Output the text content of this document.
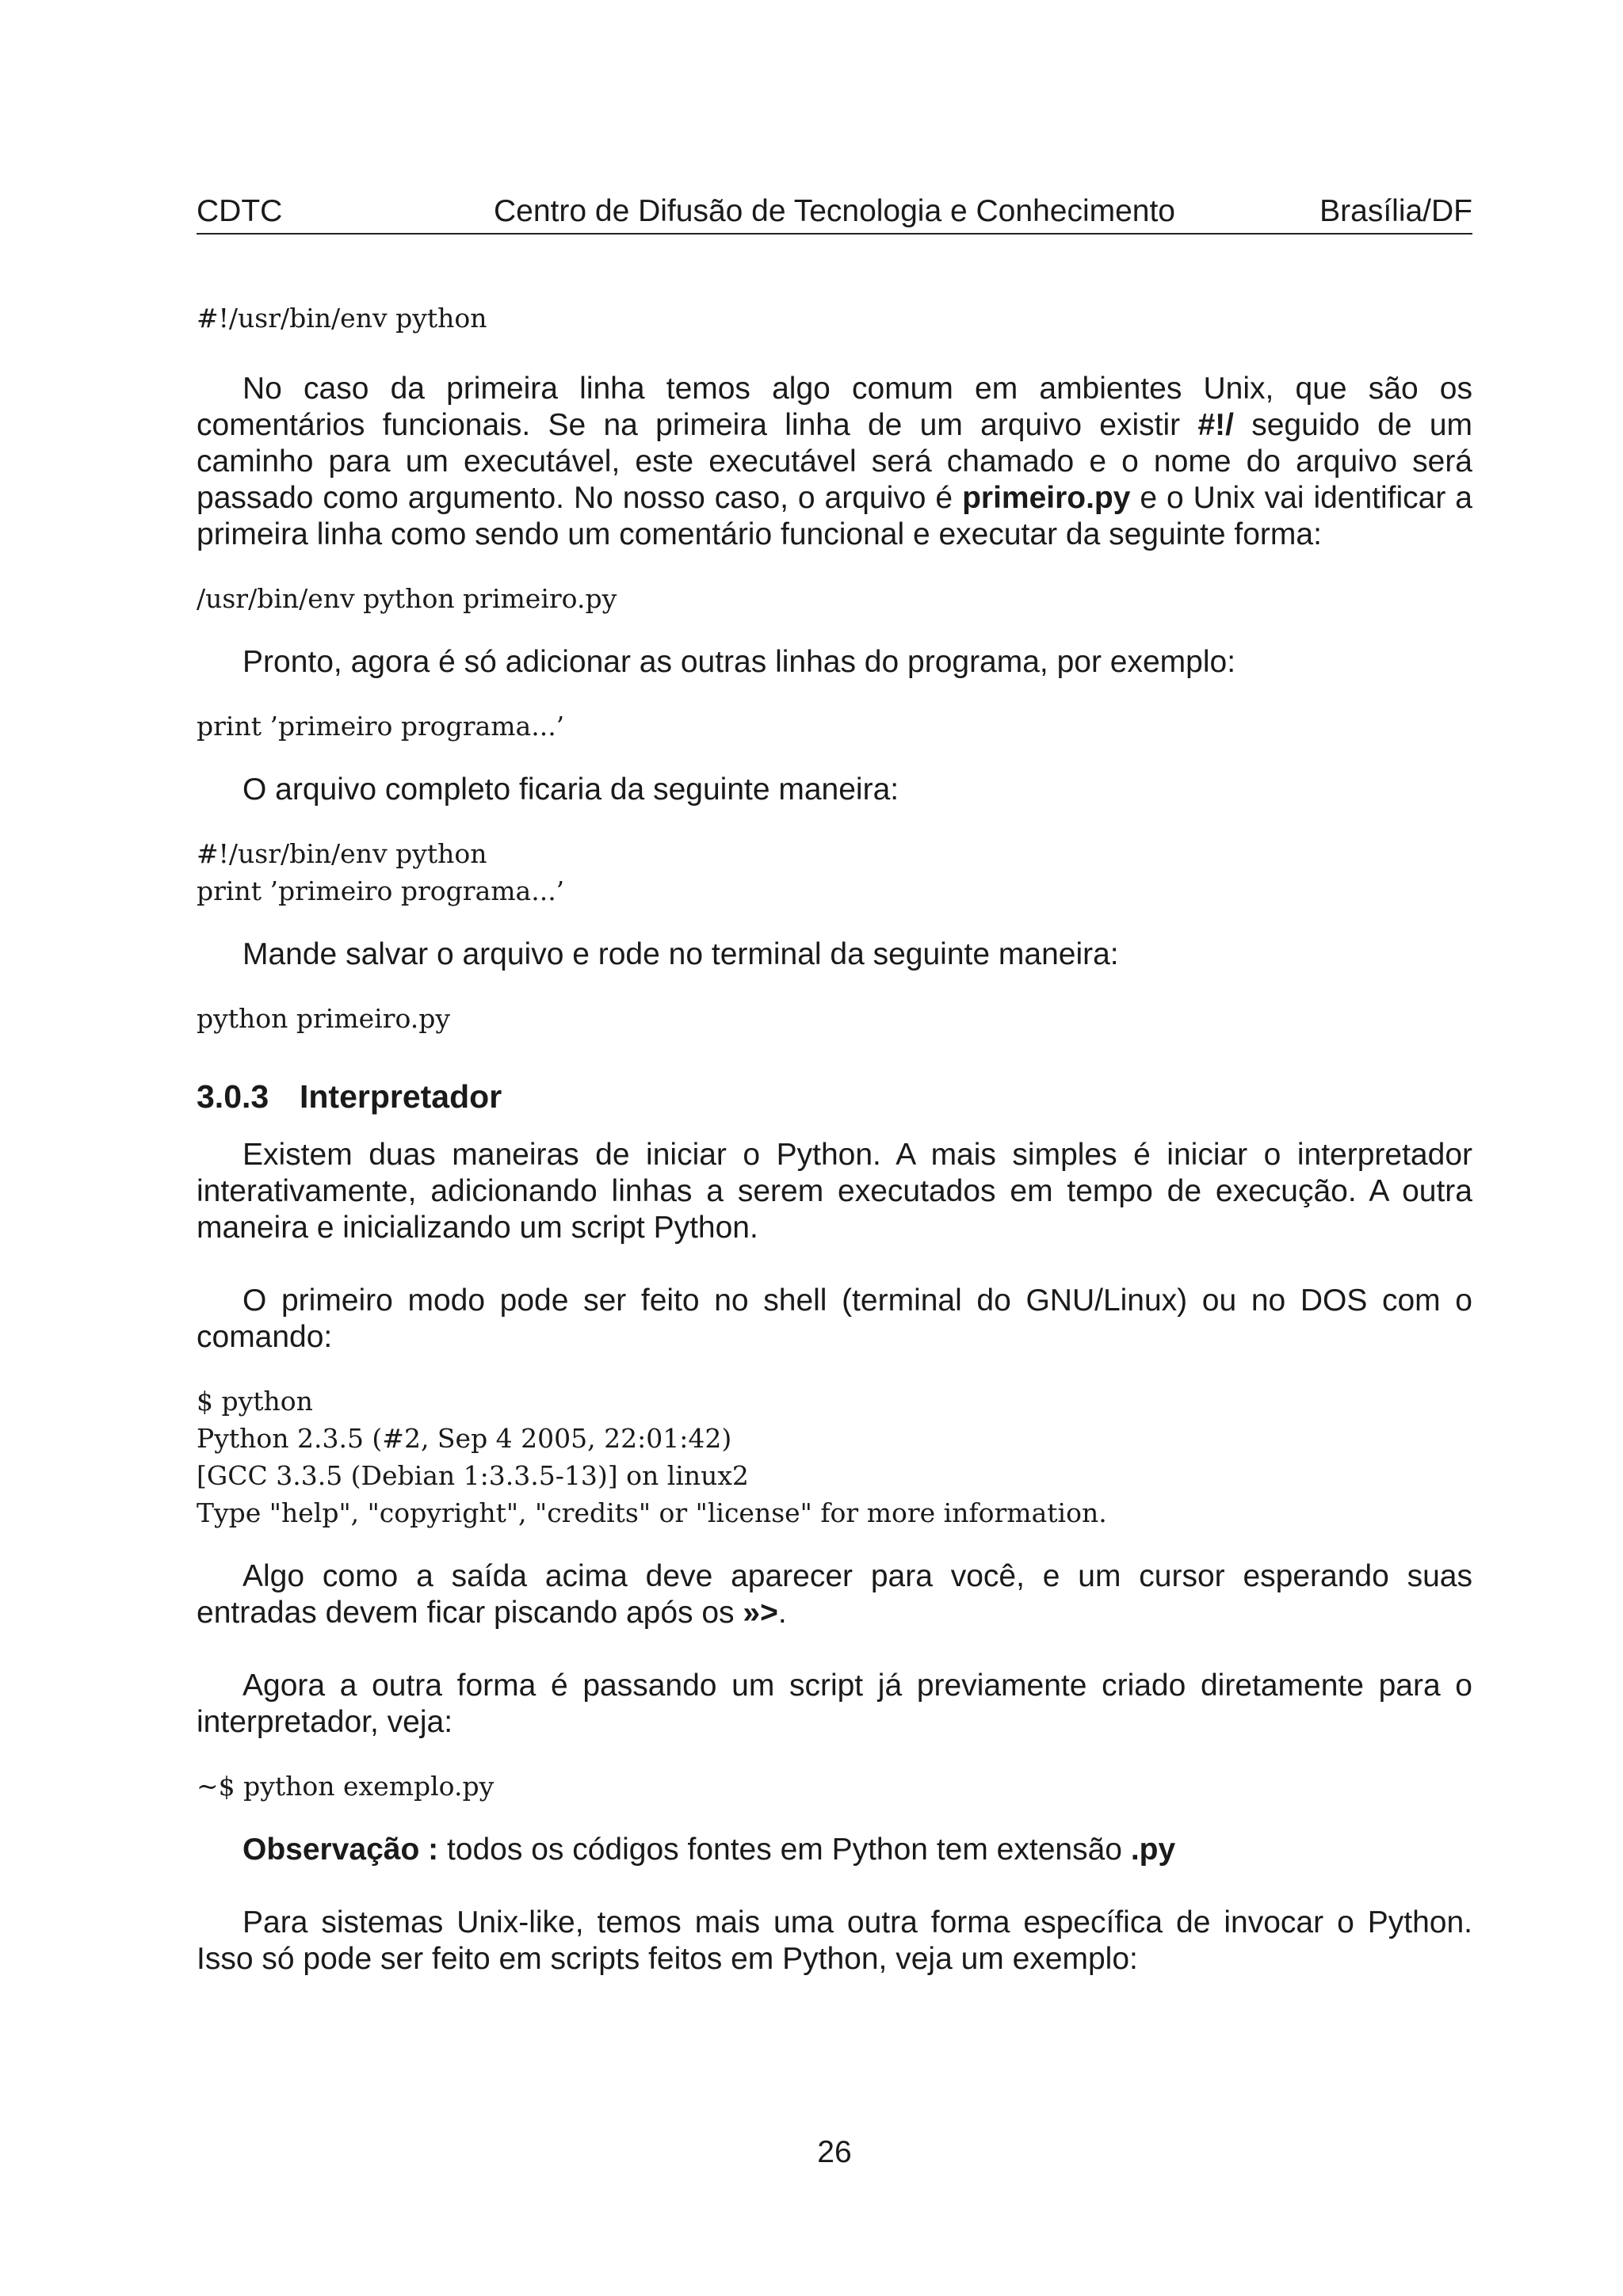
CDTC	Centro de Difusão de Tecnologia e Conhecimento	Brasília/DF
#!/usr/bin/env python

No caso da primeira linha temos algo comum em ambientes Unix, que são os comentários funcionais. Se na primeira linha de um arquivo existir #!/ seguido de um caminho para um executável, este executável será chamado e o nome do arquivo será passado como argumento. No nosso caso, o arquivo é primeiro.py e o Unix vai identificar a primeira linha como sendo um comentário funcional e executar da seguinte forma:

/usr/bin/env python primeiro.py

Pronto, agora é só adicionar as outras linhas do programa, por exemplo:

print ’primeiro programa...’

O arquivo completo ficaria da seguinte maneira:

#!/usr/bin/env python
print ’primeiro programa...’

Mande salvar o arquivo e rode no terminal da seguinte maneira:

python primeiro.py
3.0.3 Interpretador

Existem duas maneiras de iniciar o Python. A mais simples é iniciar o interpretador interativamente, adicionando linhas a serem executados em tempo de execução. A outra maneira e inicializando um script Python.

O primeiro modo pode ser feito no shell (terminal do GNU/Linux) ou no DOS com o comando:

$ python
Python 2.3.5 (#2, Sep 4 2005, 22:01:42)
[GCC 3.3.5 (Debian 1:3.3.5-13)] on linux2
Type "help", "copyright", "credits" or "license" for more information.

Algo como a saída acima deve aparecer para você, e um cursor esperando suas entradas devem ficar piscando após os »>.

Agora a outra forma é passando um script já previamente criado diretamente para o interpretador, veja:

~$ python exemplo.py

Observação : todos os códigos fontes em Python tem extensão .py

Para sistemas Unix-like, temos mais uma outra forma específica de invocar o Python. Isso só pode ser feito em scripts feitos em Python, veja um exemplo:

26
